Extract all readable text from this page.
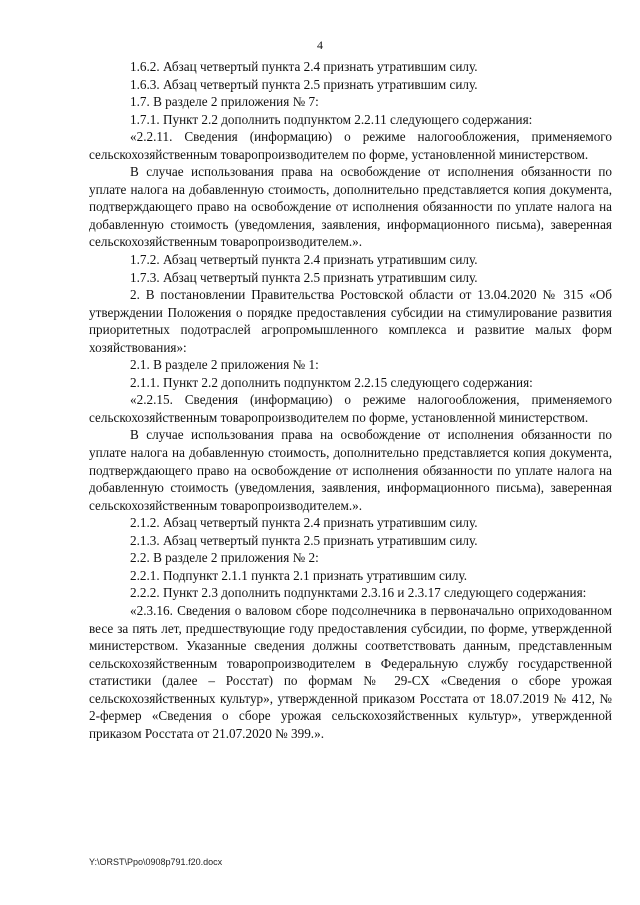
4

1.6.2. Абзац четвертый пункта 2.4 признать утратившим силу.

1.6.3. Абзац четвертый пункта 2.5 признать утратившим силу.

1.7. В разделе 2 приложения № 7:

1.7.1. Пункт 2.2 дополнить подпунктом 2.2.11 следующего содержания:

«2.2.11. Сведения (информацию) о режиме налогообложения, применяемого сельскохозяйственным товаропроизводителем по форме, установленной министерством.

В случае использования права на освобождение от исполнения обязанности по уплате налога на добавленную стоимость, дополнительно представляется копия документа, подтверждающего право на освобождение от исполнения обязанности по уплате налога на добавленную стоимость (уведомления, заявления, информационного письма), заверенная сельскохозяйственным товаропроизводителем.».

1.7.2. Абзац четвертый пункта 2.4 признать утратившим силу.

1.7.3. Абзац четвертый пункта 2.5 признать утратившим силу.

2. В постановлении Правительства Ростовской области от 13.04.2020 № 315 «Об утверждении Положения о порядке предоставления субсидии на стимулирование развития приоритетных подотраслей агропромышленного комплекса и развитие малых форм хозяйствования»:

2.1. В разделе 2 приложения № 1:

2.1.1. Пункт 2.2 дополнить подпунктом 2.2.15 следующего содержания:

«2.2.15. Сведения (информацию) о режиме налогообложения, применяемого сельскохозяйственным товаропроизводителем по форме, установленной министерством.

В случае использования права на освобождение от исполнения обязанности по уплате налога на добавленную стоимость, дополнительно представляется копия документа, подтверждающего право на освобождение от исполнения обязанности по уплате налога на добавленную стоимость (уведомления, заявления, информационного письма), заверенная сельскохозяйственным товаропроизводителем.».

2.1.2. Абзац четвертый пункта 2.4 признать утратившим силу.

2.1.3. Абзац четвертый пункта 2.5 признать утратившим силу.

2.2. В разделе 2 приложения № 2:

2.2.1. Подпункт 2.1.1 пункта 2.1 признать утратившим силу.

2.2.2. Пункт 2.3 дополнить подпунктами 2.3.16 и 2.3.17 следующего содержания:

«2.3.16. Сведения о валовом сборе подсолнечника в первоначально оприходованном весе за пять лет, предшествующие году предоставления субсидии, по форме, утвержденной министерством. Указанные сведения должны соответствовать данным, представленным сельскохозяйственным товаропроизводителем в Федеральную службу государственной статистики (далее – Росстат) по формам № 29-СХ «Сведения о сборе урожая сельскохозяйственных культур», утвержденной приказом Росстата от 18.07.2019 № 412, № 2-фермер «Сведения о сборе урожая сельскохозяйственных культур», утвержденной приказом Росстата от 21.07.2020 № 399.».

Y:\ORST\Ppo\0908p791.f20.docx
